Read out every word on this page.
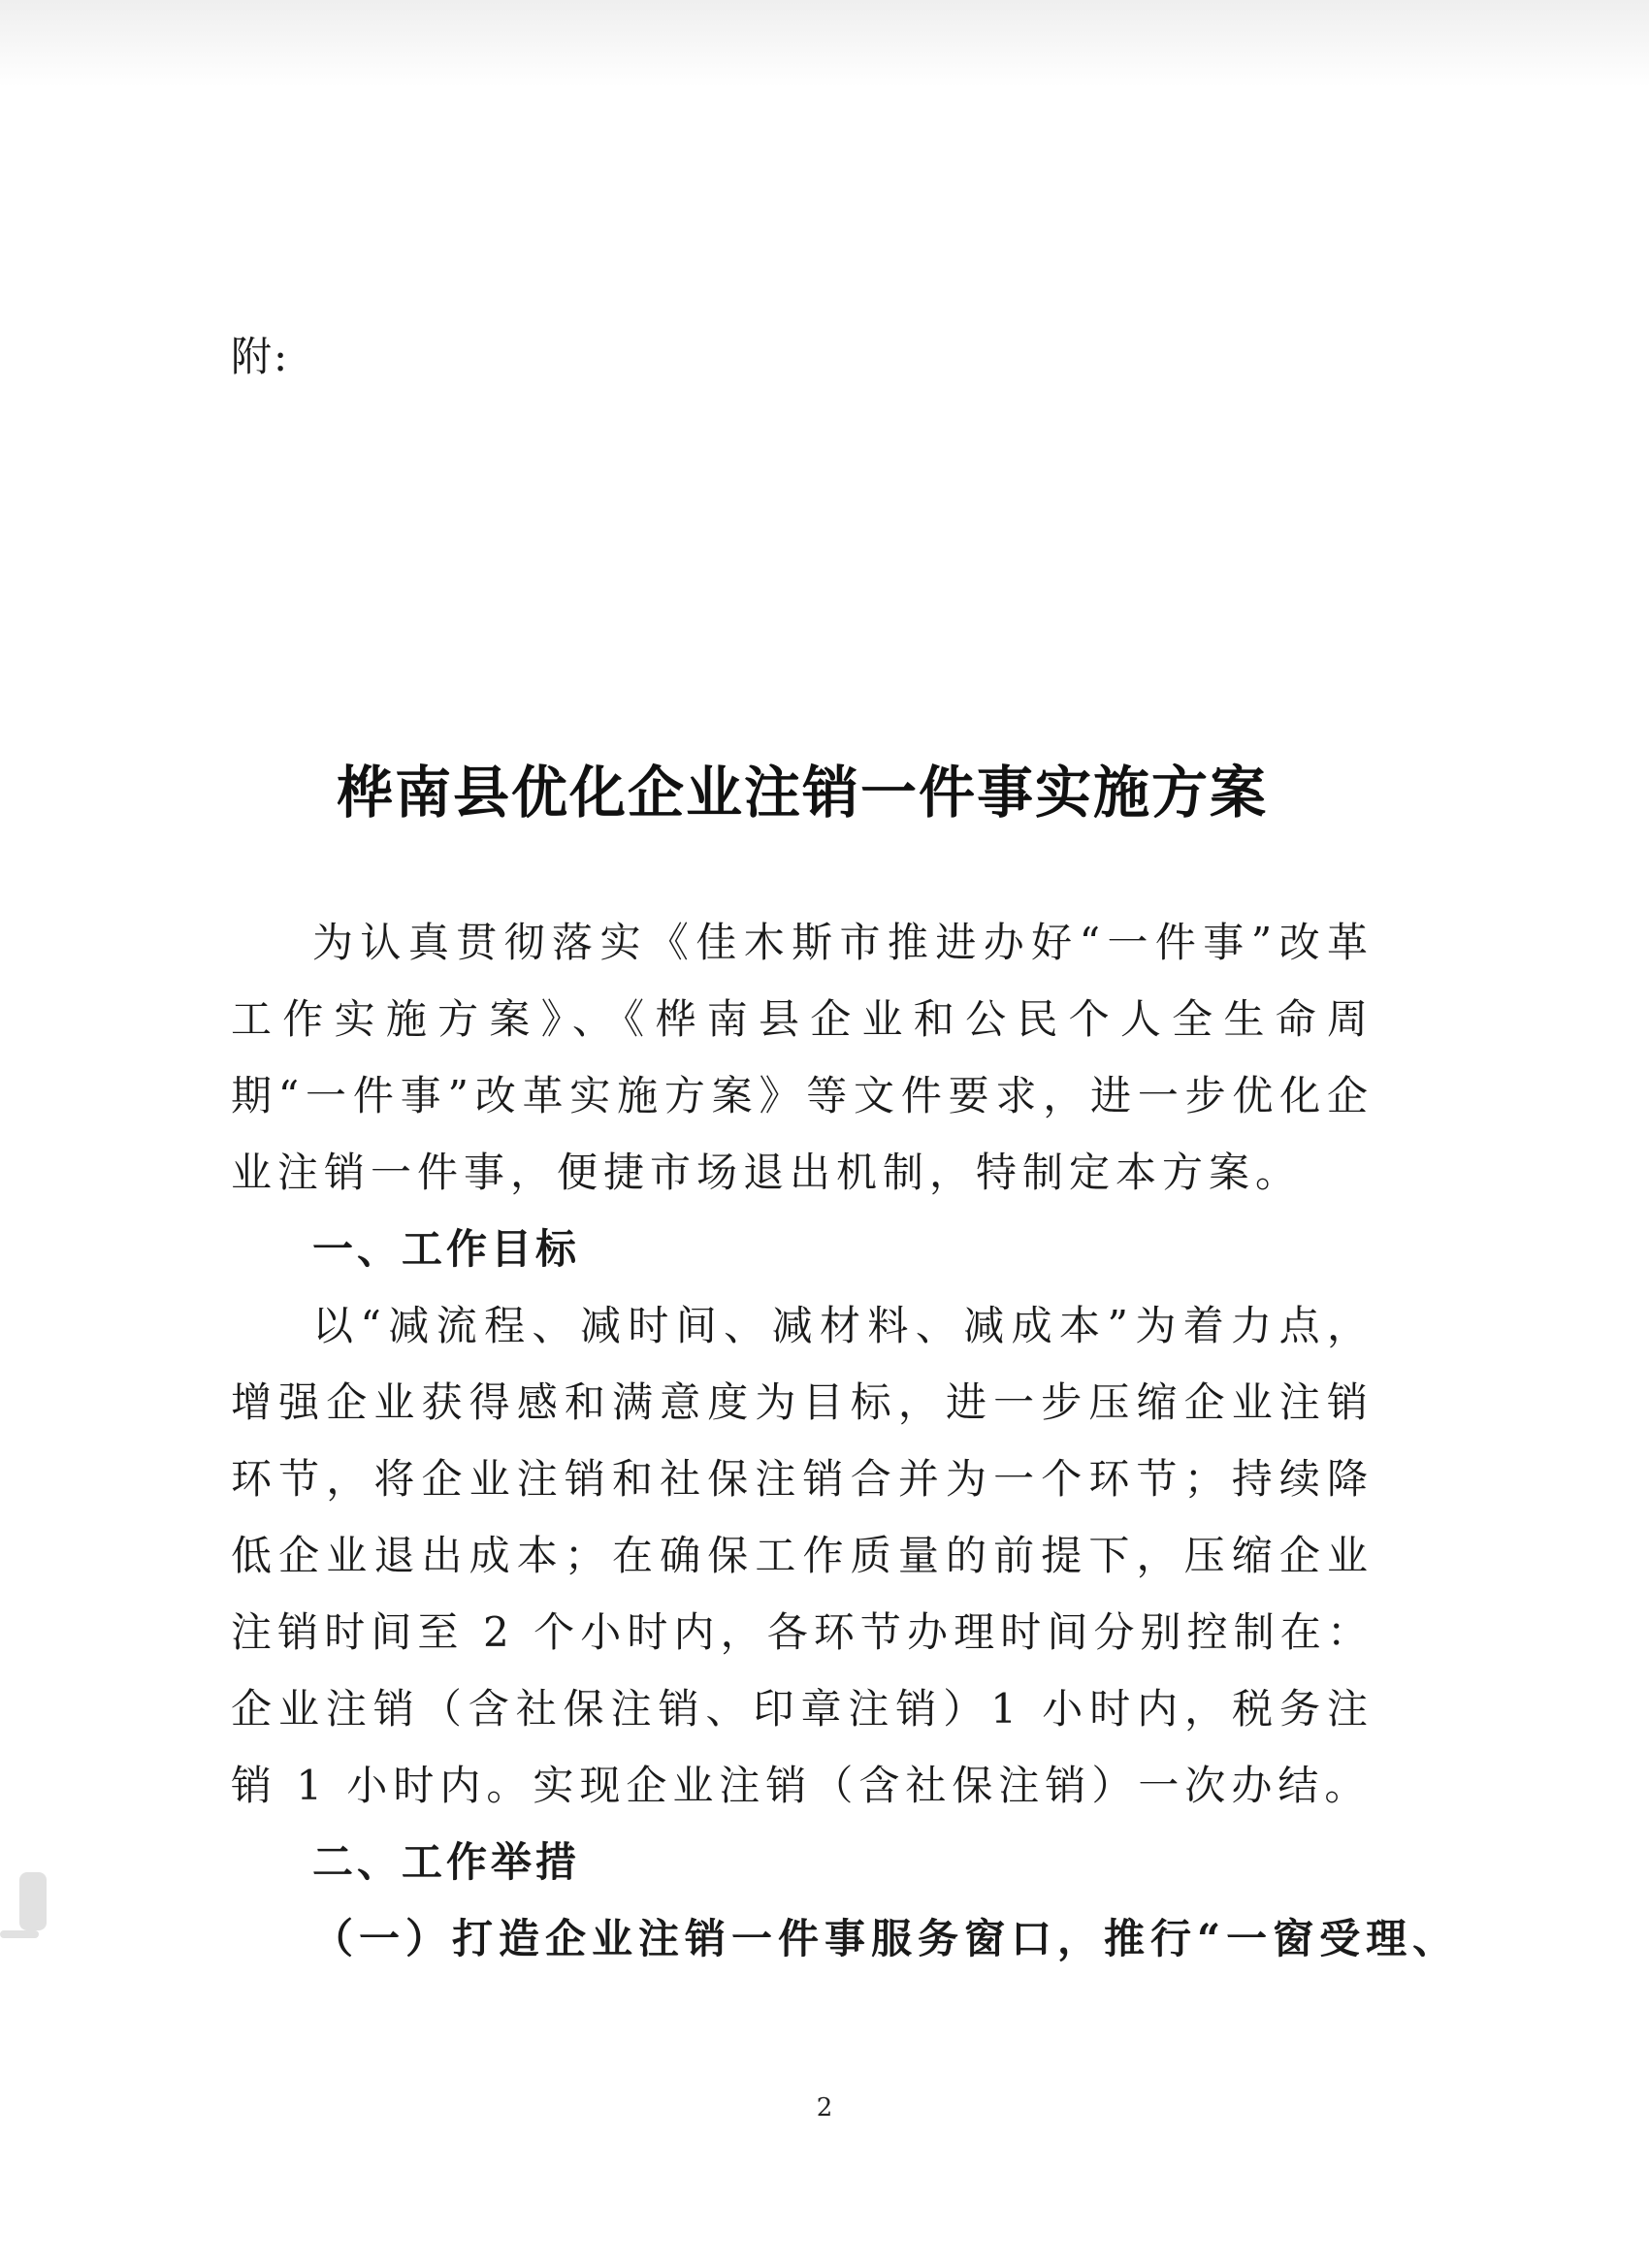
附:
桦南县优化企业注销一件事实施方案

为认真贯彻落实《佳木斯市推进办好“一件事”改革工作实施方案》、《桦南县企业和公民个人全生命周期“一件事”改革实施方案》等文件要求，进一步优化企业注销一件事，便捷市场退出机制，特制定本方案。

一、工作目标

以“减流程、减时间、减材料、减成本”为着力点，增强企业获得感和满意度为目标，进一步压缩企业注销环节，将企业注销和社保注销合并为一个环节；持续降低企业退出成本；在确保工作质量的前提下，压缩企业注销时间至 2 个小时内，各环节办理时间分别控制在：企业注销（含社保注销、印章注销）1 小时内，税务注销 1 小时内。实现企业注销（含社保注销）一次办结。

二、工作举措

（一）打造企业注销一件事服务窗口，推行“一窗受理、

2
